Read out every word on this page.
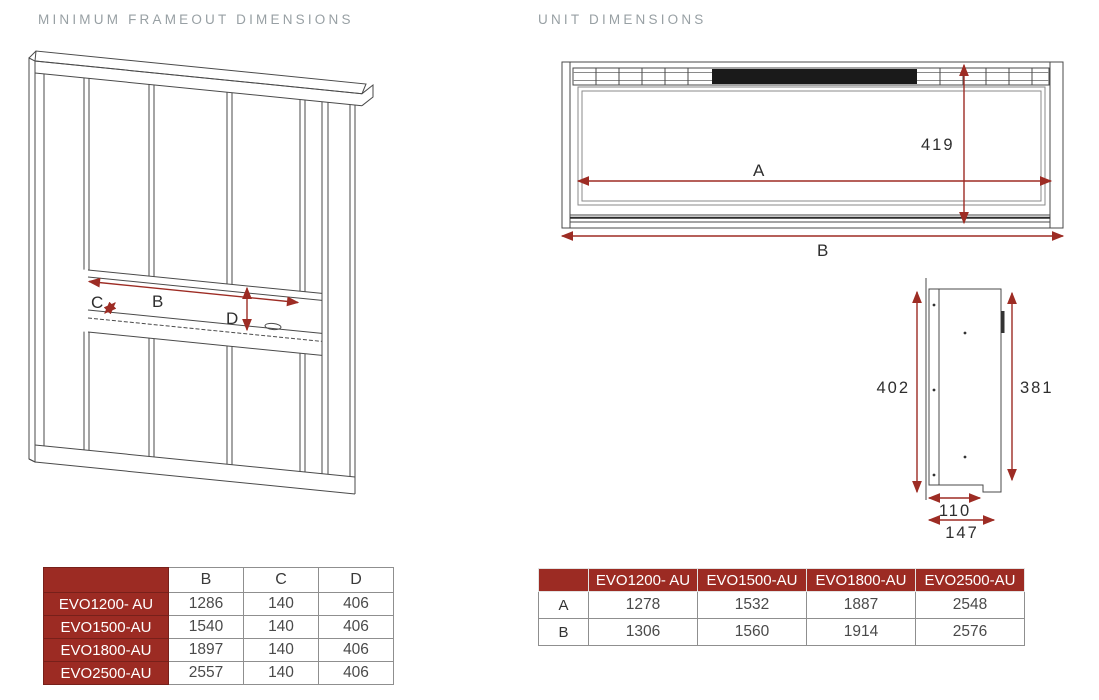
MINIMUM FRAMEOUT DIMENSIONS	UNIT DIMENSIONS
B
C
D
A
419
B
402	381
110
147
	B	C	D
EVO1200- AU	1286	140	406
EVO1500-AU	1540	140	406
EVO1800-AU	1897	140	406
EVO2500-AU	2557	140	406
	EVO1200- AU	EVO1500-AU	EVO1800-AU	EVO2500-AU
A	1278	1532	1887	2548
B	1306	1560	1914	2576
